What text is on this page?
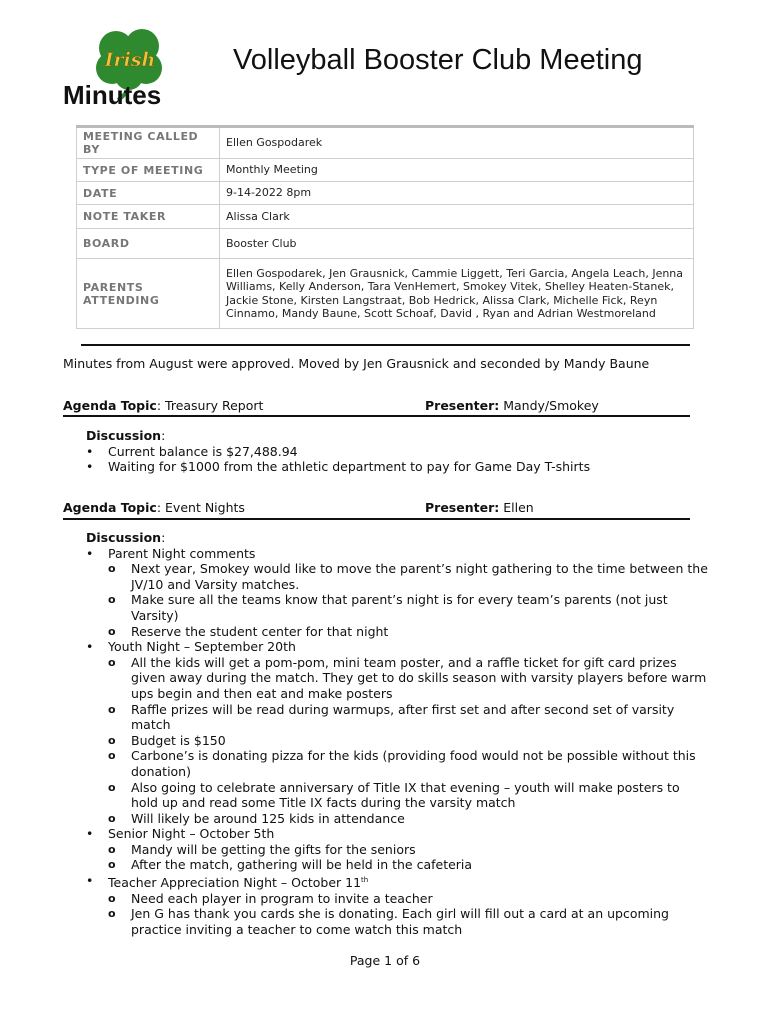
Irish	Volleyball Booster Club Meeting
Minutes
MEETING CALLED BY	Ellen Gospodarek
TYPE OF MEETING	Monthly Meeting
DATE	9-14-2022 8pm
NOTE TAKER	Alissa Clark
BOARD	Booster Club
PARENTS ATTENDING	Ellen Gospodarek, Jen Grausnick, Cammie Liggett, Teri Garcia, Angela Leach, Jenna Williams, Kelly Anderson, Tara VenHemert, Smokey Vitek, Shelley Heaten-Stanek, Jackie Stone, Kirsten Langstraat, Bob Hedrick, Alissa Clark, Michelle Fick, Reyn Cinnamo, Mandy Baune, Scott Schoaf, David , Ryan and Adrian Westmoreland

Minutes from August were approved. Moved by Jen Grausnick and seconded by Mandy Baune

Agenda Topic: Treasury Report	Presenter: Mandy/Smokey
Discussion:
• Current balance is $27,488.94
• Waiting for $1000 from the athletic department to pay for Game Day T-shirts
Agenda Topic: Event Nights	Presenter: Ellen
Discussion:
• Parent Night comments
o Next year, Smokey would like to move the parent’s night gathering to the time between the JV/10 and Varsity matches.
o Make sure all the teams know that parent’s night is for every team’s parents (not just Varsity)
o Reserve the student center for that night
• Youth Night – September 20th
o All the kids will get a pom-pom, mini team poster, and a raffle ticket for gift card prizes given away during the match. They get to do skills season with varsity players before warm ups begin and then eat and make posters
o Raffle prizes will be read during warmups, after first set and after second set of varsity match
o Budget is $150
o Carbone’s is donating pizza for the kids (providing food would not be possible without this donation)
o Also going to celebrate anniversary of Title IX that evening – youth will make posters to hold up and read some Title IX facts during the varsity match
o Will likely be around 125 kids in attendance
• Senior Night – October 5th
o Mandy will be getting the gifts for the seniors
o After the match, gathering will be held in the cafeteria
• Teacher Appreciation Night – October 11th
o Need each player in program to invite a teacher
o Jen G has thank you cards she is donating. Each girl will fill out a card at an upcoming practice inviting a teacher to come watch this match
Page 1 of 6
